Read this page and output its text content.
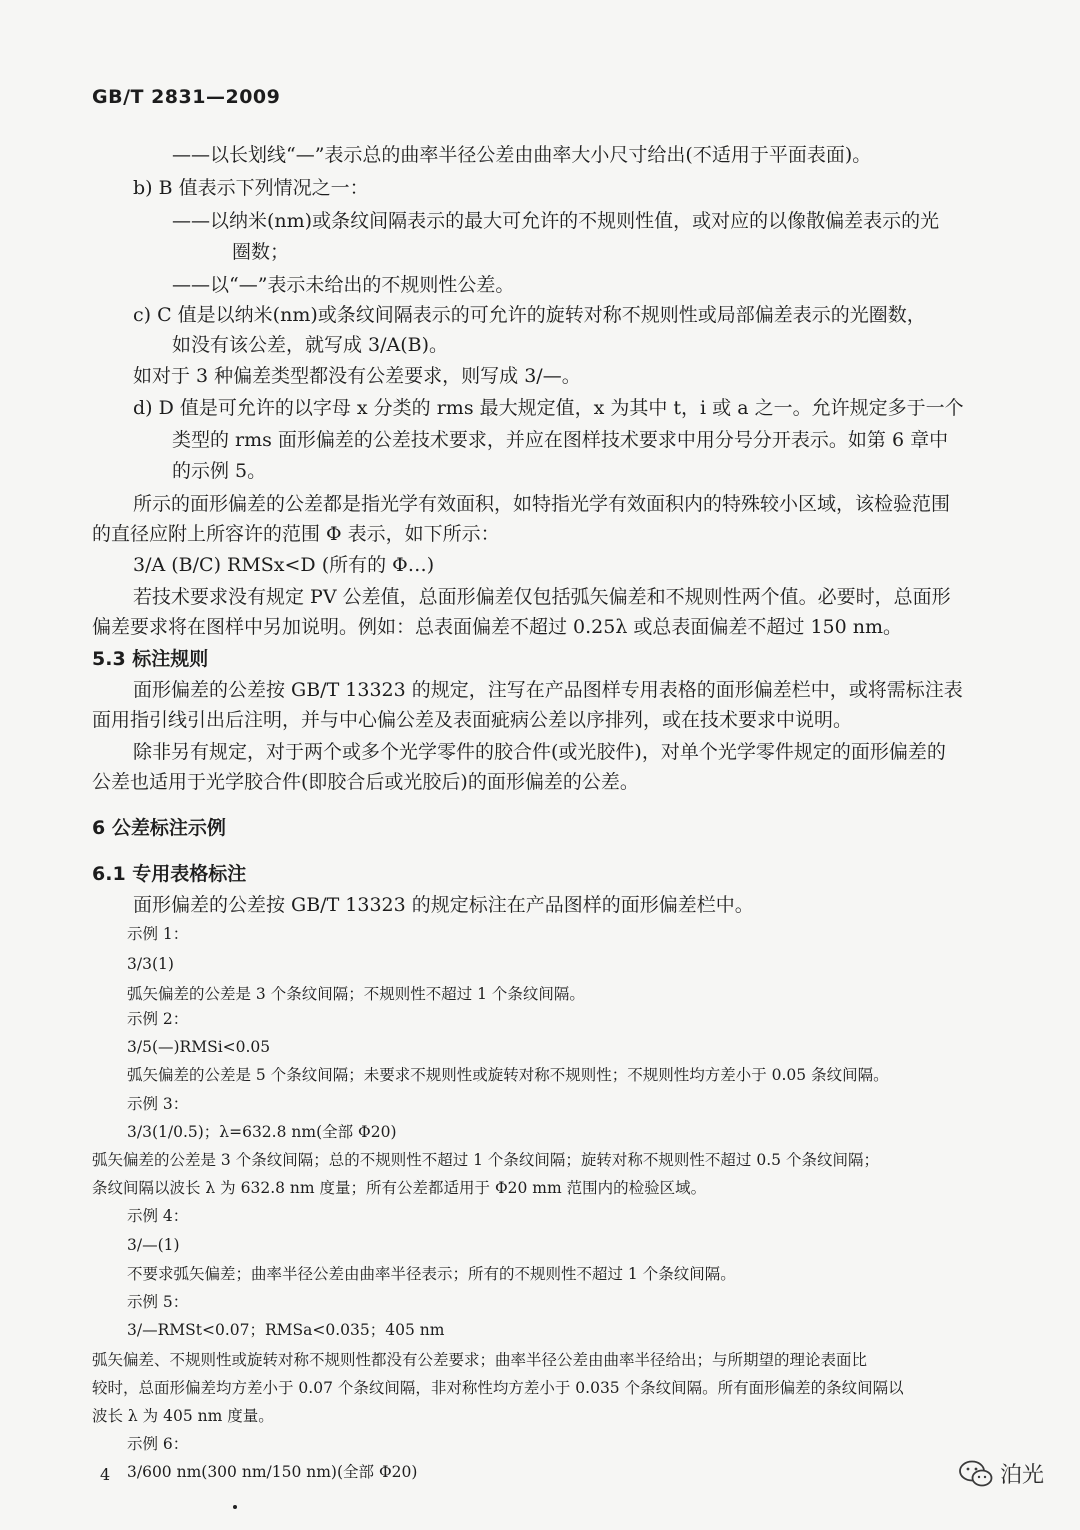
GB/T 2831—2009
——以长划线“—”表示总的曲率半径公差由曲率大小尺寸给出(不适用于平面表面)。
b) B 值表示下列情况之一：
——以纳米(nm)或条纹间隔表示的最大可允许的不规则性值，或对应的以像散偏差表示的光
圈数；
——以“—”表示未给出的不规则性公差。
c) C 值是以纳米(nm)或条纹间隔表示的可允许的旋转对称不规则性或局部偏差表示的光圈数，
如没有该公差，就写成 3/A(B)。
如对于 3 种偏差类型都没有公差要求，则写成 3/—。
d) D 值是可允许的以字母 x 分类的 rms 最大规定值，x 为其中 t，i 或 a 之一。允许规定多于一个
类型的 rms 面形偏差的公差技术要求，并应在图样技术要求中用分号分开表示。如第 6 章中
的示例 5。
所示的面形偏差的公差都是指光学有效面积，如特指光学有效面积内的特殊较小区域，该检验范围
的直径应附上所容许的范围 Φ 表示，如下所示：
3/A (B/C) RMSx<D (所有的 Φ…)
若技术要求没有规定 PV 公差值，总面形偏差仅包括弧矢偏差和不规则性两个值。必要时，总面形
偏差要求将在图样中另加说明。例如：总表面偏差不超过 0.25λ 或总表面偏差不超过 150 nm。
5.3 标注规则
面形偏差的公差按 GB/T 13323 的规定，注写在产品图样专用表格的面形偏差栏中，或将需标注表
面用指引线引出后注明，并与中心偏公差及表面疵病公差以序排列，或在技术要求中说明。
除非另有规定，对于两个或多个光学零件的胶合件(或光胶件)，对单个光学零件规定的面形偏差的
公差也适用于光学胶合件(即胶合后或光胶后)的面形偏差的公差。
6 公差标注示例
6.1 专用表格标注
面形偏差的公差按 GB/T 13323 的规定标注在产品图样的面形偏差栏中。
示例 1：
3/3(1)
弧矢偏差的公差是 3 个条纹间隔；不规则性不超过 1 个条纹间隔。
示例 2：
3/5(—)RMSi<0.05
弧矢偏差的公差是 5 个条纹间隔；未要求不规则性或旋转对称不规则性；不规则性均方差小于 0.05 条纹间隔。
示例 3：
3/3(1/0.5)；λ=632.8 nm(全部 Φ20)
弧矢偏差的公差是 3 个条纹间隔；总的不规则性不超过 1 个条纹间隔；旋转对称不规则性不超过 0.5 个条纹间隔；
条纹间隔以波长 λ 为 632.8 nm 度量；所有公差都适用于 Φ20 mm 范围内的检验区域。
示例 4：
3/—(1)
不要求弧矢偏差；曲率半径公差由曲率半径表示；所有的不规则性不超过 1 个条纹间隔。
示例 5：
3/—RMSt<0.07；RMSa<0.035；405 nm
弧矢偏差、不规则性或旋转对称不规则性都没有公差要求；曲率半径公差由曲率半径给出；与所期望的理论表面比
较时，总面形偏差均方差小于 0.07 个条纹间隔，非对称性均方差小于 0.035 个条纹间隔。所有面形偏差的条纹间隔以
波长 λ 为 405 nm 度量。
示例 6：
3/600 nm(300 nm/150 nm)(全部 Φ20)
4	泊光
